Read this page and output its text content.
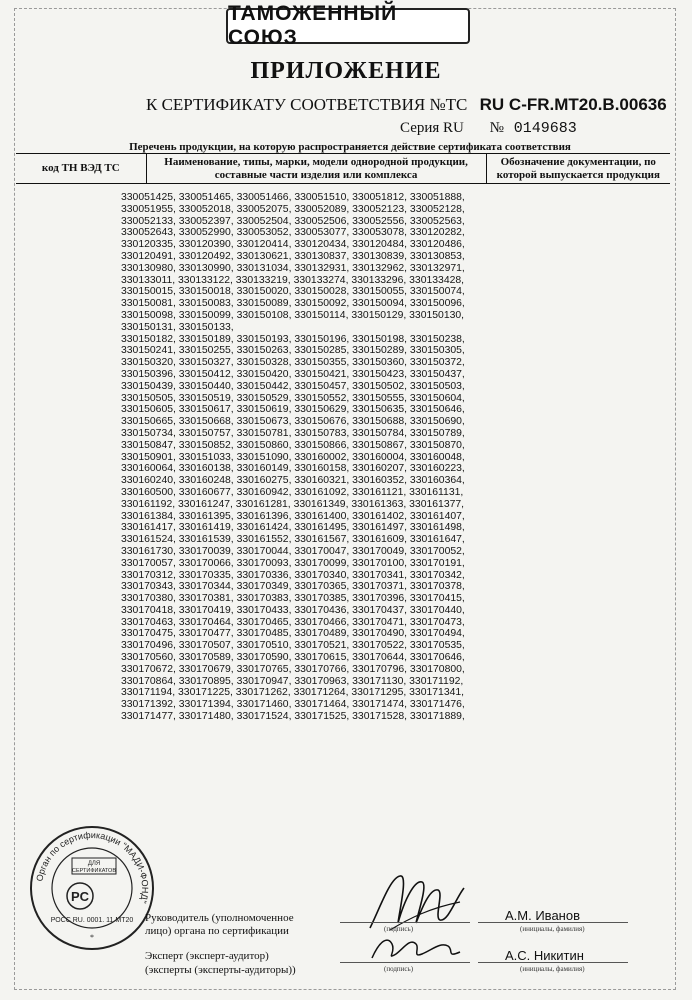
ТАМОЖЕННЫЙ СОЮЗ
ПРИЛОЖЕНИЕ
К СЕРТИФИКАТУ СООТВЕТСТВИЯ №ТС RU C-FR.MT20.B.00636
Серия RU № 0149683
Перечень продукции, на которую распространяется действие сертификата соответствия
код ТН ВЭД ТС
Наименование, типы, марки, модели однородной продукции, составные части изделия или комплекса
Обозначение документации, по которой выпускается продукция
330051425, 330051465, 330051466, 330051510, 330051812, 330051888,
330051955, 330052018, 330052075, 330052089, 330052123, 330052128,
330052133, 330052397, 330052504, 330052506, 330052556, 330052563,
330052643, 330052990, 330053052, 330053077, 330053078, 330120282,
330120335, 330120390, 330120414, 330120434, 330120484, 330120486,
330120491, 330120492, 330130621, 330130837, 330130839, 330130853,
330130980, 330130990, 330131034, 330132931, 330132962, 330132971,
330133011, 330133122, 330133219, 330133274, 330133296, 330133428,
330150015, 330150018, 330150020, 330150028, 330150055, 330150074,
330150081, 330150083, 330150089, 330150092, 330150094, 330150096,
330150098, 330150099, 330150108, 330150114, 330150129, 330150130,
330150131, 330150133,
330150182, 330150189, 330150193, 330150196, 330150198, 330150238,
330150241, 330150255, 330150263, 330150285, 330150289, 330150305,
330150320, 330150327, 330150328, 330150355, 330150360, 330150372,
330150396, 330150412, 330150420, 330150421, 330150423, 330150437,
330150439, 330150440, 330150442, 330150457, 330150502, 330150503,
330150505, 330150519, 330150529, 330150552, 330150555, 330150604,
330150605, 330150617, 330150619, 330150629, 330150635, 330150646,
330150665, 330150668, 330150673, 330150676, 330150688, 330150690,
330150734, 330150757, 330150781, 330150783, 330150784, 330150789,
330150847, 330150852, 330150860, 330150866, 330150867, 330150870,
330150901, 330151033, 330151090, 330160002, 330160004, 330160048,
330160064, 330160138, 330160149, 330160158, 330160207, 330160223,
330160240, 330160248, 330160275, 330160321, 330160352, 330160364,
330160500, 330160677, 330160942, 330161092, 330161121, 330161131,
330161192, 330161247, 330161281, 330161349, 330161363, 330161377,
330161384, 330161395, 330161396, 330161400, 330161402, 330161407,
330161417, 330161419, 330161424, 330161495, 330161497, 330161498,
330161524, 330161539, 330161552, 330161567, 330161609, 330161647,
330161730, 330170039, 330170044, 330170047, 330170049, 330170052,
330170057, 330170066, 330170093, 330170099, 330170100, 330170191,
330170312, 330170335, 330170336, 330170340, 330170341, 330170342,
330170343, 330170344, 330170349, 330170365, 330170371, 330170378,
330170380, 330170381, 330170383, 330170385, 330170396, 330170415,
330170418, 330170419, 330170433, 330170436, 330170437, 330170440,
330170463, 330170464, 330170465, 330170466, 330170471, 330170473,
330170475, 330170477, 330170485, 330170489, 330170490, 330170494,
330170496, 330170507, 330170510, 330170521, 330170522, 330170535,
330170560, 330170589, 330170590, 330170615, 330170644, 330170646,
330170672, 330170679, 330170765, 330170766, 330170796, 330170800,
330170864, 330170895, 330170947, 330170963, 330171130, 330171192,
330171194, 330171225, 330171262, 330171264, 330171295, 330171341,
330171392, 330171394, 330171460, 330171464, 330171474, 330171476,
330171477, 330171480, 330171524, 330171525, 330171528, 330171889,
Орган по сертификации "МАДИ-ФОНД"
ДЛЯ
СЕРТИФИКАТОВ
PC
РОСС RU. 0001. 11 МТ20
*
Руководитель (уполномоченное
лицо) органа по сертификации	(подпись)
А.М. Иванов
(инициалы, фамилия)
Эксперт (эксперт-аудитор)
(эксперты (эксперты-аудиторы))	(подпись)
А.С. Никитин
(инициалы, фамилия)
